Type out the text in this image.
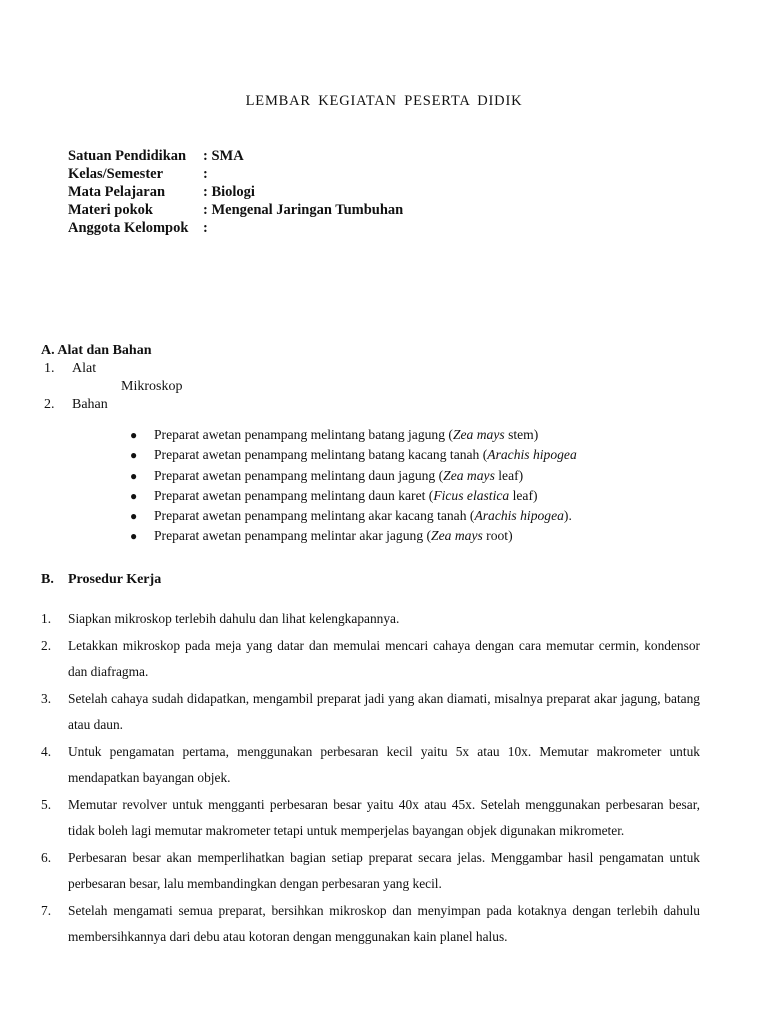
LEMBAR KEGIATAN PESERTA DIDIK
Satuan Pendidikan : SMA
Kelas/Semester	:
Mata Pelajaran	: Biologi
Materi pokok	: Mengenal Jaringan Tumbuhan
Anggota Kelompok :
A. Alat dan Bahan
1. Alat
Mikroskop
2. Bahan
● Preparat awetan penampang melintang batang jagung (Zea mays stem)
● Preparat awetan penampang melintang batang kacang tanah (Arachis hipogea
● Preparat awetan penampang melintang daun jagung (Zea mays leaf)
● Preparat awetan penampang melintang daun karet (Ficus elastica leaf)
● Preparat awetan penampang melintang akar kacang tanah (Arachis hipogea).
● Preparat awetan penampang melintar akar jagung (Zea mays root)
B. Prosedur Kerja
1.	Siapkan mikroskop terlebih dahulu dan lihat kelengkapannya.
2.	Letakkan mikroskop pada meja yang datar dan memulai mencari cahaya dengan cara memutar cermin, kondensor dan diafragma.
3.	Setelah cahaya sudah didapatkan, mengambil preparat jadi yang akan diamati, misalnya preparat akar jagung, batang atau daun.
4.	Untuk pengamatan pertama, menggunakan perbesaran kecil yaitu 5x atau 10x. Memutar makrometer untuk mendapatkan bayangan objek.
5.	Memutar revolver untuk mengganti perbesaran besar yaitu 40x atau 45x. Setelah menggunakan perbesaran besar, tidak boleh lagi memutar makrometer tetapi untuk memperjelas bayangan objek digunakan mikrometer.
6.	Perbesaran besar akan memperlihatkan bagian setiap preparat secara jelas. Menggambar hasil pengamatan untuk perbesaran besar, lalu membandingkan dengan perbesaran yang kecil.
7.	Setelah mengamati semua preparat, bersihkan mikroskop dan menyimpan pada kotaknya dengan terlebih dahulu membersihkannya dari debu atau kotoran dengan menggunakan kain planel halus.
